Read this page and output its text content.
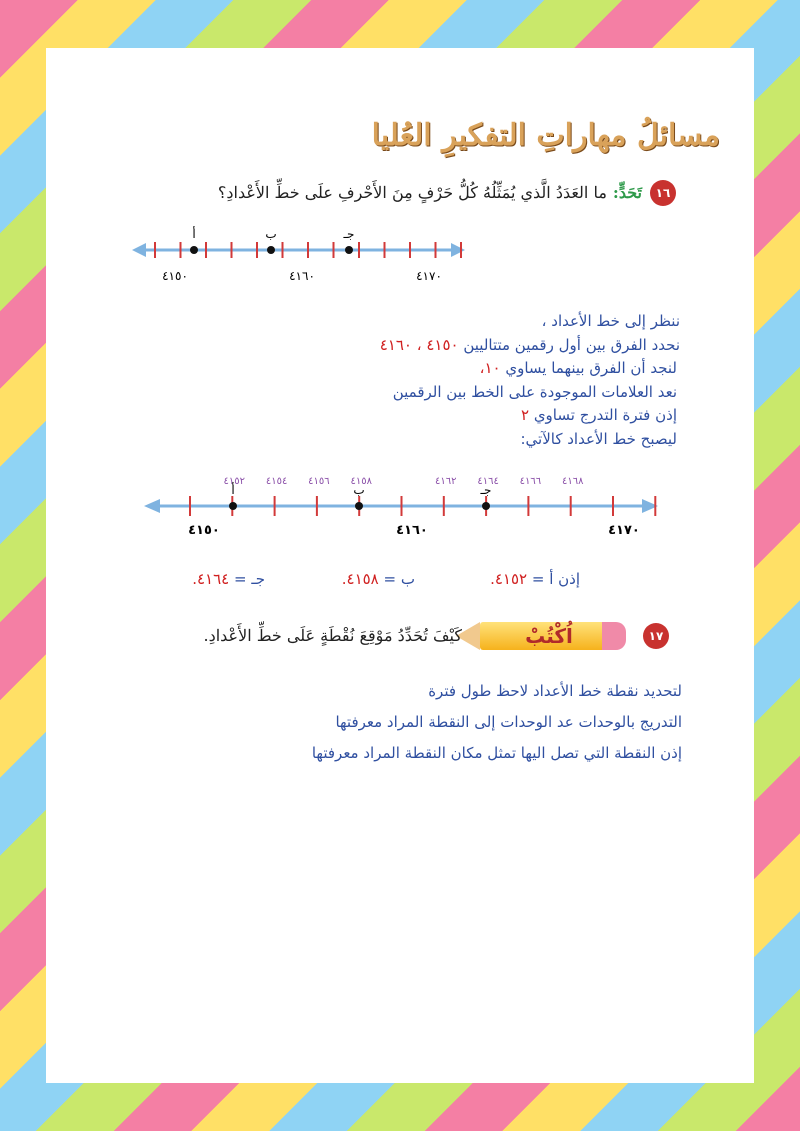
مسائلُ مهاراتِ التفكيرِ العُليا
١٦
تَحَدٍّ:ما العَدَدُ الَّذي يُمَثِّلُهُ كُلُّ حَرْفٍ مِنَ الأَحْرفِ علَى خطِّ الأَعْدادِ؟
أ	ب	جـ
٤١٥٠	٤١٦٠	٤١٧٠
ننظر إلى خط الأعداد ،
نحدد الفرق بين أول رقمين متتاليين ٤١٥٠ ، ٤١٦٠
لنجد أن الفرق بينهما يساوي ١٠،
نعد العلامات الموجودة على الخط بين الرقمين
إذن فترة التدرج تساوي ٢
ليصبح خط الأعداد كالآتي:
٤١٥٢ ٤١٥٤ ٤١٥٦ ٤١٥٨	٤١٦٢ ٤١٦٤ ٤١٦٦ ٤١٦٨
أ	ب	جـ
٤١٥٠	٤١٦٠	٤١٧٠
إذن أ = ٤١٥٢.
ب = ٤١٥٨.
جـ = ٤١٦٤.
١٧
اُكْتُبْ
كَيْفَ تُحَدِّدُ مَوْقِعَ نُقْطَةٍ عَلَى خطِّ الأَعْدادِ.
لتحديد نقطة خط الأعداد لاحظ طول فترة
التدريج بالوحدات عد الوحدات إلى النقطة المراد معرفتها
إذن النقطة التي تصل اليها تمثل مكان النقطة المراد معرفتها
